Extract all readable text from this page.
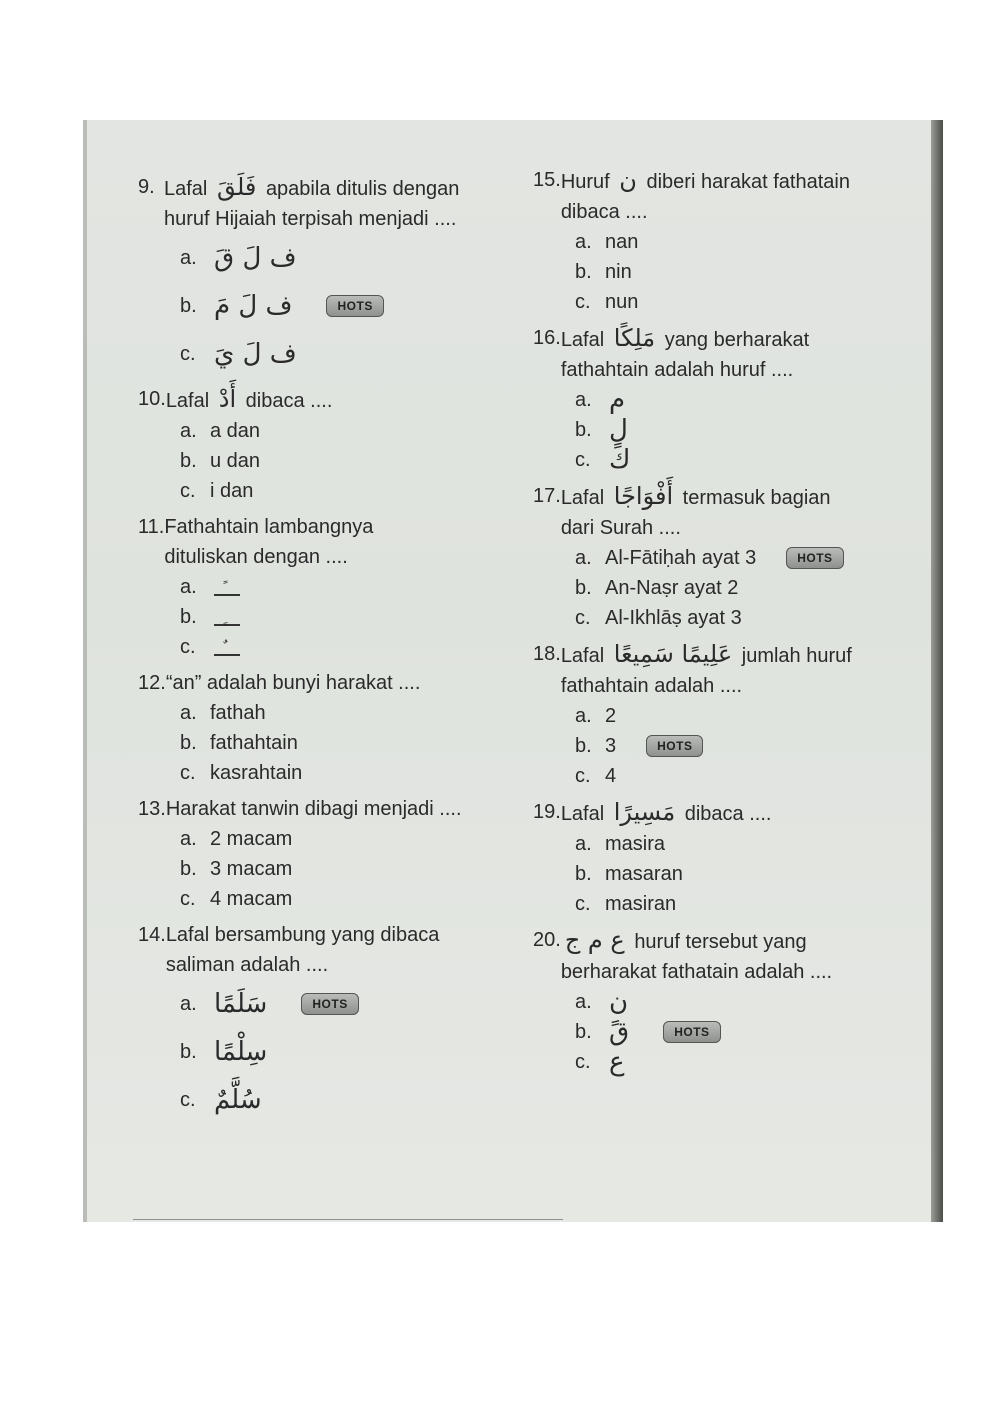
9. Lafal فَلَقَ apabila ditulis dengan
huruf Hijaiah terpisah menjadi ....
a. ف لَ قَ
b. ف لَ مَ	HOTS
c. ف لَ يَ
10. Lafal أَدْ dibaca ....
a. a dan
b. u dan
c. i dan
11. Fathahtain lambangnya
dituliskan dengan ....
a.
b.
c.
12. “an” adalah bunyi harakat ....
a. fathah
b. fathahtain
c. kasrahtain
13. Harakat tanwin dibagi menjadi ....
a. 2 macam
b. 3 macam
c. 4 macam
14. Lafal bersambung yang dibaca
saliman adalah ....
a. سَلَمًا	HOTS
b. سِلْمًا
c. سُلَّمٌ
15. Huruf ن diberi harakat fathatain
dibaca ....
a. nan
b. nin
c. nun
16. Lafal مَلِكًا yang berharakat
fathahtain adalah huruf ....
a. م
b. ل
c. كً
17. Lafal أَفْوَاجًا termasuk bagian
dari Surah ....
a. Al-Fātiḥah ayat 3	HOTS
b. An-Naṣr ayat 2
c. Al-Ikhlāṣ ayat 3
18. Lafal عَلِيمًا سَمِيعًا jumlah huruf
fathahtain adalah ....
a. 2
b. 3	HOTS
c. 4
19. Lafal مَسِيرًا dibaca ....
a. masira
b. masaran
c. masiran
20. ع م ج huruf tersebut yang
berharakat fathatain adalah ....
a. ن
b. قً	HOTS
c. ع
